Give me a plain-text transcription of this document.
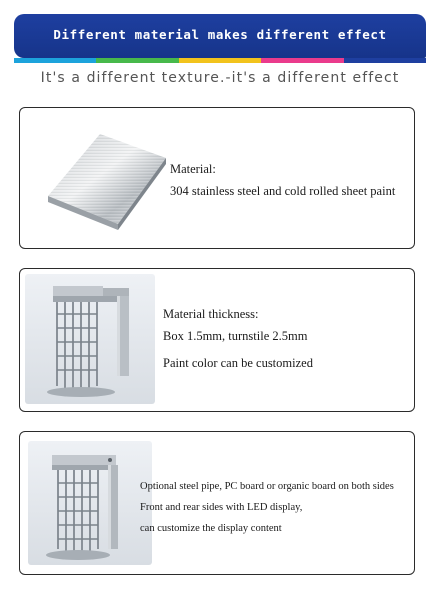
Different material makes different effect
It's a different texture.-it's a different effect

Material:

304 stainless steel and cold rolled sheet paint

Material thickness:

Box 1.5mm, turnstile 2.5mm

Paint color can be customized

Optional steel pipe, PC board or organic board on both sides

Front and rear sides with LED display,

can customize the display content
